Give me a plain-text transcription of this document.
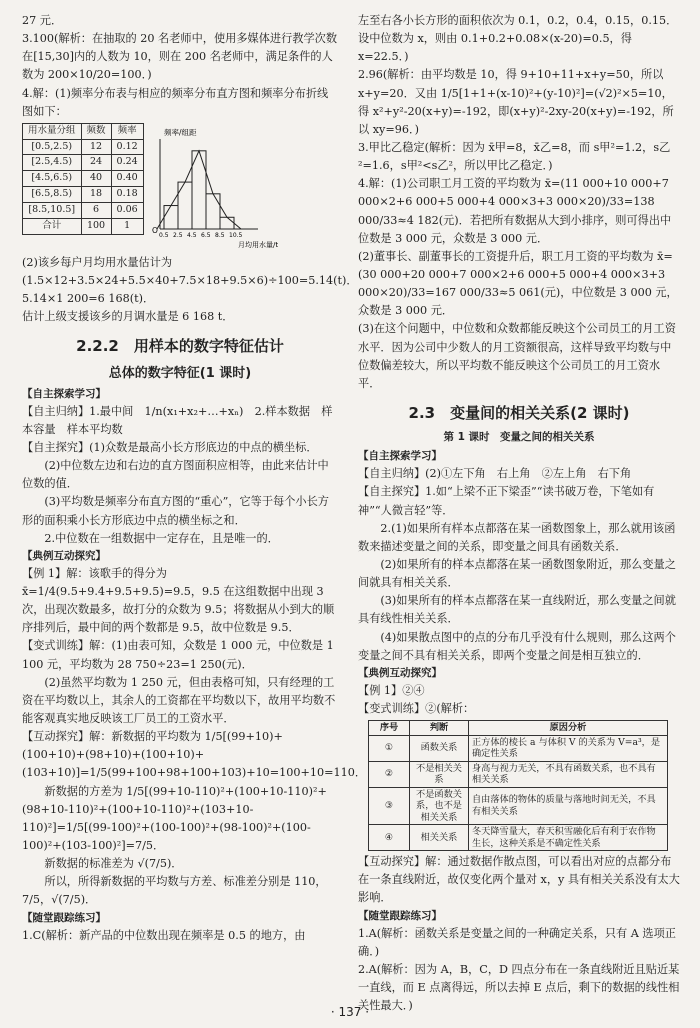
27 元．

3.100(解析：在抽取的 20 名老师中，使用多媒体进行教学次数在[15,30]内的人数为 10，则在 200 名老师中，满足条件的人数为 200×10/20=100．)

4.解：(1)频率分布表与相应的频率分布直方图和频率分布折线图如下：

用水量分组	频数	频率
[0.5,2.5)	12	0.12
[2.5,4.5)	24	0.24
[4.5,6.5)	40	0.40
[6.5,8.5)	18	0.18
[8.5,10.5]	6	0.06
合计	100	1
频率/组距
月均用水量/t
O
0.5 2.5 4.5 6.5 8.5 10.5

(2)该乡每户月均用水量估计为(1.5×12+3.5×24+5.5×40+7.5×18+9.5×6)÷100=5.14(t)．5.14×1 200=6 168(t)．

估计上级支援该乡的月调水量是 6 168 t．

2.2.2　用样本的数字特征估计
总体的数字特征(1 课时)

【自主探索学习】

【自主归纳】1.最中间　1/n(x₁+x₂+…+xₙ)　2.样本数据　样本容量　样本平均数

【自主探究】(1)众数是最高小长方形底边的中点的横坐标．

(2)中位数左边和右边的直方图面积应相等，由此来估计中位数的值．

(3)平均数是频率分布直方图的“重心”，它等于每个小长方形的面积乘小长方形底边中点的横坐标之和．

2.中位数在一组数据中一定存在，且是唯一的．

【典例互动探究】

【例 1】解：该歌手的得分为 x̄=1/4(9.5+9.4+9.5+9.5)=9.5，9.5 在这组数据中出现 3 次，出现次数最多，故打分的众数为 9.5；将数据从小到大的顺序排列后，最中间的两个数都是 9.5，故中位数是 9.5．

【变式训练】解：(1)由表可知，众数是 1 000 元，中位数是 1 100 元，平均数为 28 750÷23=1 250(元)．

(2)虽然平均数为 1 250 元，但由表格可知，只有经理的工资在平均数以上，其余人的工资都在平均数以下，故用平均数不能客观真实地反映该工厂员工的工资水平．

【互动探究】解：新数据的平均数为 1/5[(99+10)+(100+10)+(98+10)+(100+10)+(103+10)]=1/5(99+100+98+100+103)+10=100+10=110．

新数据的方差为 1/5[(99+10-110)²+(100+10-110)²+(98+10-110)²+(100+10-110)²+(103+10-110)²]=1/5[(99-100)²+(100-100)²+(98-100)²+(100-100)²+(103-100)²]=7/5．

新数据的标准差为 √(7/5)．

所以，所得新数据的平均数与方差、标准差分别是 110，7/5，√(7/5)．

【随堂跟踪练习】

1.C(解析：新产品的中位数出现在频率是 0.5 的地方，由

左至右各小长方形的面积依次为 0.1，0.2，0.4，0.15，0.15．设中位数为 x，则由 0.1+0.2+0.08×(x-20)=0.5，得 x=22.5．)

2.96(解析：由平均数是 10，得 9+10+11+x+y=50，所以 x+y=20．又由 1/5[1+1+(x-10)²+(y-10)²]=(√2)²×5=10，得 x²+y²-20(x+y)=-192，即(x+y)²-2xy-20(x+y)=-192，所以 xy=96．)

3.甲比乙稳定(解析：因为 x̄甲=8，x̄乙=8，而 s甲²=1.2，s乙²=1.6，s甲²<s乙²，所以甲比乙稳定．)

4.解：(1)公司职工月工资的平均数为 x̄=(11 000+10 000+7 000×2+6 000+5 000+4 000×3+3 000×20)/33=138 000/33≈4 182(元)．若把所有数据从大到小排序，则可得出中位数是 3 000 元，众数是 3 000 元．

(2)董事长、副董事长的工资提升后，职工月工资的平均数为 x̄=(30 000+20 000+7 000×2+6 000+5 000+4 000×3+3 000×20)/33=167 000/33≈5 061(元)，中位数是 3 000 元，众数是 3 000 元．

(3)在这个问题中，中位数和众数都能反映这个公司员工的月工资水平．因为公司中少数人的月工资额很高，这样导致平均数与中位数偏差较大，所以平均数不能反映这个公司员工的月工资水平．

2.3　变量间的相关关系(2 课时)
第 1 课时　变量之间的相关关系

【自主探索学习】

【自主归纳】(2)①左下角　右上角　②左上角　右下角

【自主探究】1.如“上梁不正下梁歪”“读书破万卷，下笔如有神”“人微言轻”等．

2.(1)如果所有样本点都落在某一函数图象上，那么就用该函数来描述变量之间的关系，即变量之间具有函数关系．

(2)如果所有的样本点都落在某一函数图象附近，那么变量之间就具有相关关系．

(3)如果所有的样本点都落在某一直线附近，那么变量之间就具有线性相关关系．

(4)如果散点图中的点的分布几乎没有什么规则，那么这两个变量之间不具有相关关系，即两个变量之间是相互独立的．

【典例互动探究】

【例 1】②④

【变式训练】②(解析：

序号	判断	原因分析
①	函数关系	正方体的棱长 a 与体积 V 的关系为 V=a³，是确定性关系
②	不是相关关系	身高与视力无关，不具有函数关系，也不具有相关关系
③	不是函数关系，也不是相关关系	自由落体的物体的质量与落地时间无关，不具有相关关系
④	相关关系	冬天降雪量大，春天积雪融化后有利于农作物生长，这种关系是不确定性关系

【互动探究】解：通过数据作散点图，可以看出对应的点都分布在一条直线附近，故仅变化两个量对 x，y 具有相关关系没有太大影响．

【随堂跟踪练习】

1.A(解析：函数关系是变量之间的一种确定关系，只有 A 选项正确．)

2.A(解析：因为 A，B，C，D 四点分布在一条直线附近且贴近某一直线，而 E 点离得远，所以去掉 E 点后，剩下的数据的线性相关性最大．)

· 137 ·
